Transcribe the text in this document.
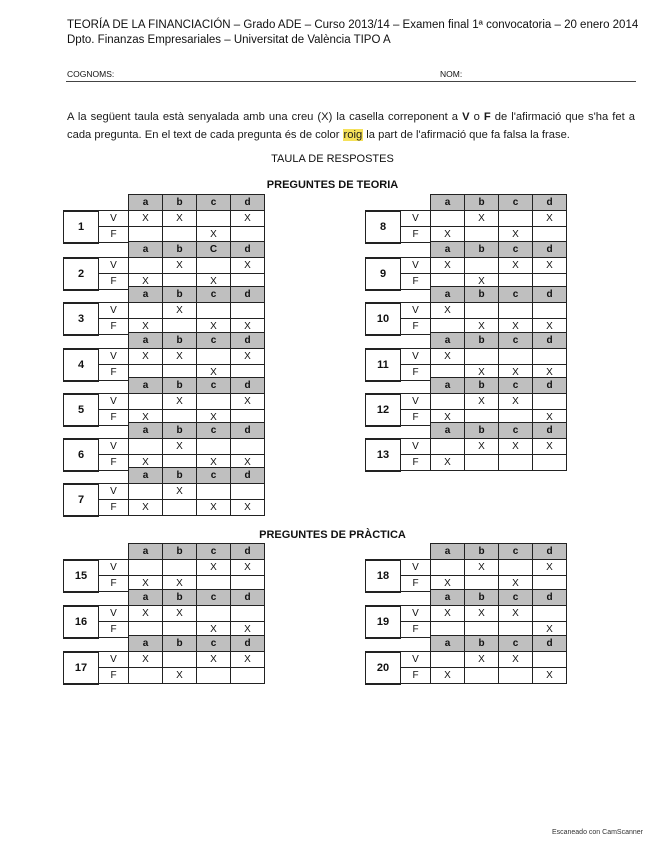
TEORÍA DE LA FINANCIACIÓN – Grado ADE – Curso 2013/14 – Examen final 1ª convocatoria – 20 enero 2014
Dpto. Finanzas Empresariales – Universitat de València TIPO A
COGNOMS:	NOM:
A la següent taula està senyalada amb una creu (X) la casella correponent a V o F de l'afirmació que s'ha fet a cada pregunta. En el text de cada pregunta és de color roig la part de l'afirmació que fa falsa la frase.
TAULA DE RESPOSTES
PREGUNTES DE TEORIA
PREGUNTES DE PRÀCTICA
		a	b	c	d
1	V	X	X		X
	F			X	
		a	b	C	d
2	V		X		X
	F	X		X	
		a	b	c	d
3	V		X		
	F	X		X	X
		a	b	c	d
4	V	X	X		X
	F			X	
		a	b	c	d
5	V		X		X
	F	X		X	
		a	b	c	d
6	V		X		
	F	X		X	X
		a	b	c	d
7	V		X		
	F	X		X	X
		a	b	c	d
8	V		X		X
	F	X		X	
		a	b	c	d
9	V	X		X	X
	F		X		
		a	b	c	d
10	V	X			
	F		X	X	X
		a	b	c	d
11	V	X			
	F		X	X	X
		a	b	c	d
12	V		X	X	
	F	X			X
		a	b	c	d
13	V		X	X	X
	F	X			
		a	b	c	d
15	V			X	X
	F	X	X		
		a	b	c	d
16	V	X	X		
	F			X	X
		a	b	c	d
17	V	X		X	X
	F		X		
		a	b	c	d
18	V		X		X
	F	X		X	
		a	b	c	d
19	V	X	X	X	
	F				X
		a	b	c	d
20	V		X	X	
	F	X			X
Escaneado con CamScanner
